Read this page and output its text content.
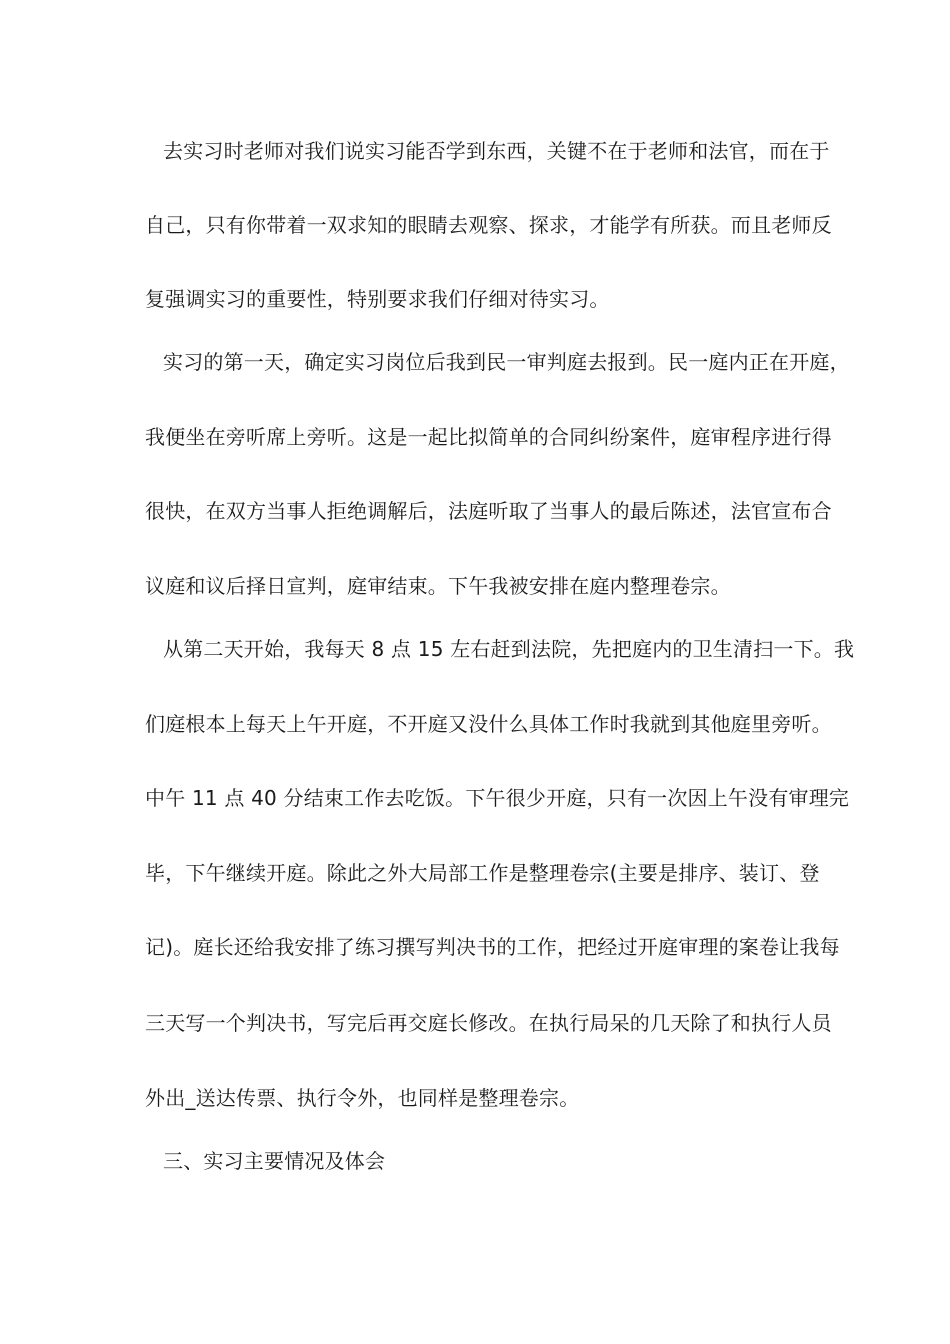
去实习时老师对我们说实习能否学到东西，关键不在于老师和法官，而在于

自己，只有你带着一双求知的眼睛去观察、探求，才能学有所获。而且老师反

复强调实习的重要性，特别要求我们仔细对待实习。

实习的第一天，确定实习岗位后我到民一审判庭去报到。民一庭内正在开庭，

我便坐在旁听席上旁听。这是一起比拟简单的合同纠纷案件，庭审程序进行得

很快，在双方当事人拒绝调解后，法庭听取了当事人的最后陈述，法官宣布合

议庭和议后择日宣判，庭审结束。下午我被安排在庭内整理卷宗。

从第二天开始，我每天 8 点 15 左右赶到法院，先把庭内的卫生清扫一下。我

们庭根本上每天上午开庭，不开庭又没什么具体工作时我就到其他庭里旁听。

中午 11 点 40 分结束工作去吃饭。下午很少开庭，只有一次因上午没有审理完

毕，下午继续开庭。除此之外大局部工作是整理卷宗(主要是排序、装订、登

记)。庭长还给我安排了练习撰写判决书的工作，把经过开庭审理的案卷让我每

三天写一个判决书，写完后再交庭长修改。在执行局呆的几天除了和执行人员

外出_送达传票、执行令外，也同样是整理卷宗。

三、实习主要情况及体会
